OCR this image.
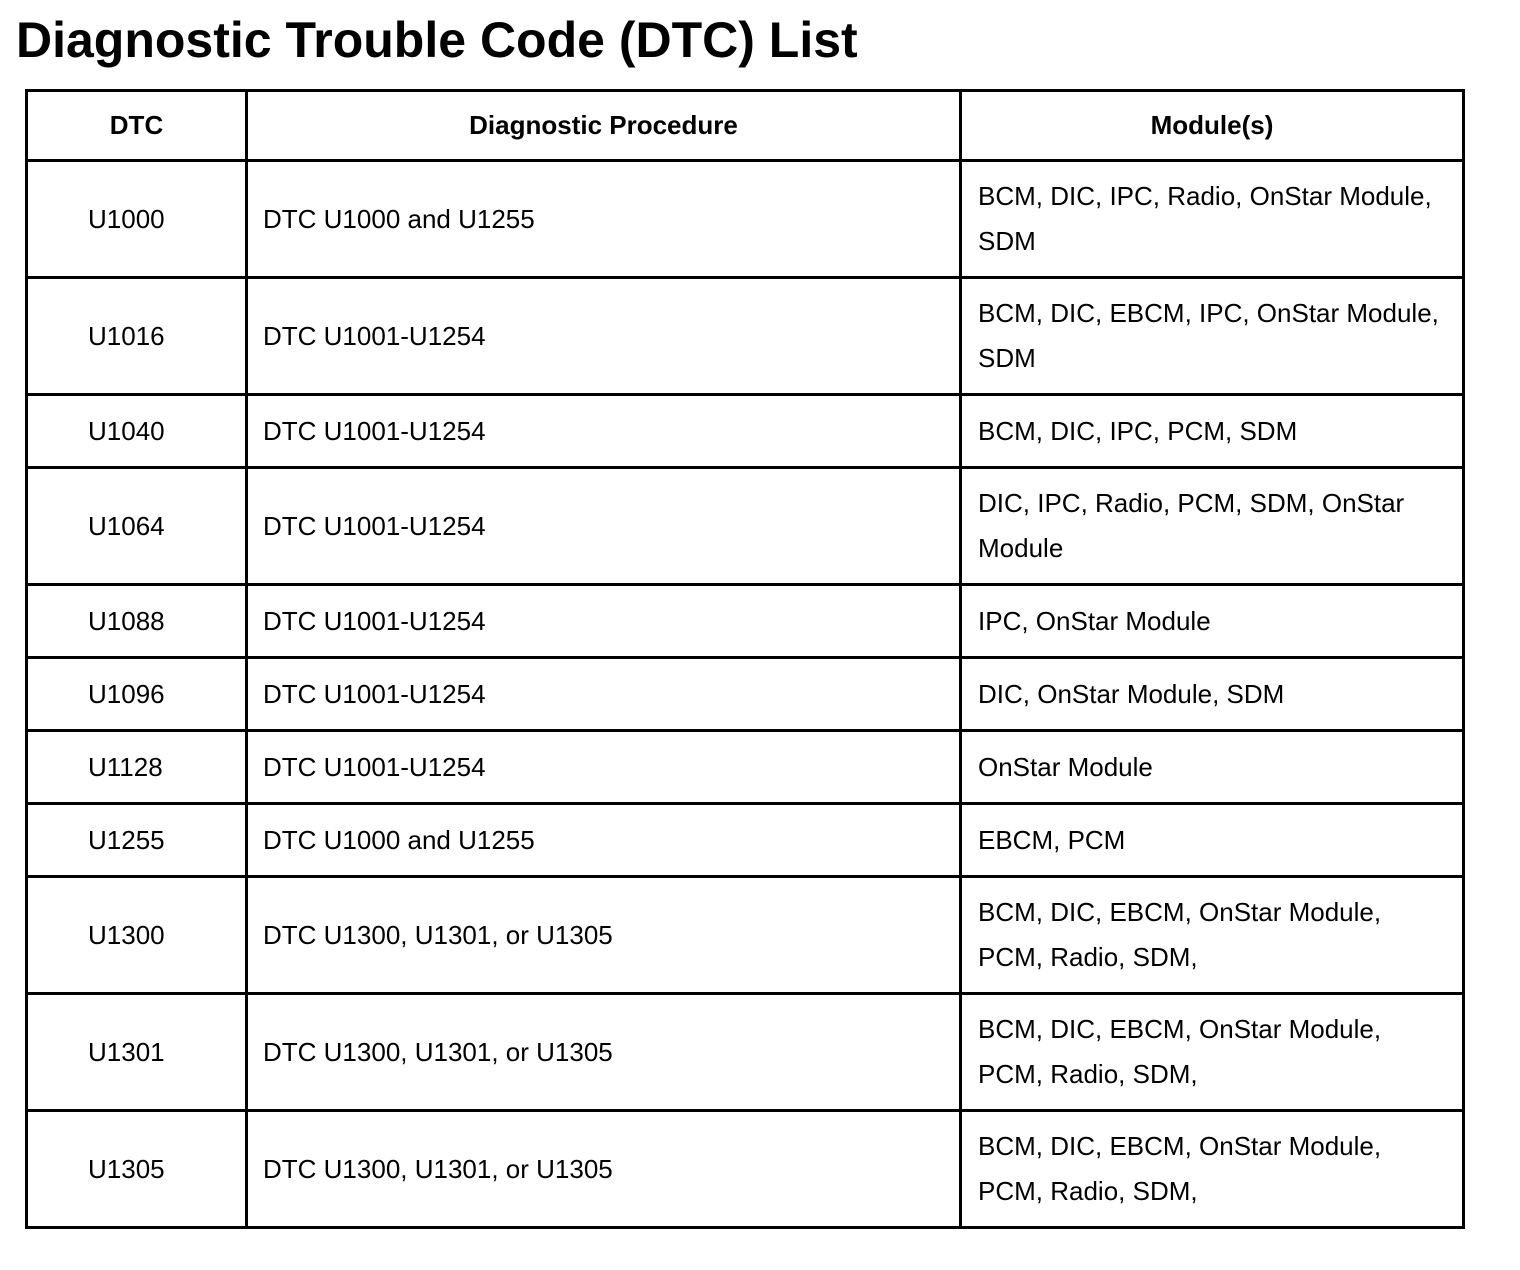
Diagnostic Trouble Code (DTC) List
DTC	Diagnostic Procedure	Module(s)
U1000	DTC U1000 and U1255	BCM, DIC, IPC, Radio, OnStar Module, SDM
U1016	DTC U1001-U1254	BCM, DIC, EBCM, IPC, OnStar Module, SDM
U1040	DTC U1001-U1254	BCM, DIC, IPC, PCM, SDM
U1064	DTC U1001-U1254	DIC, IPC, Radio, PCM, SDM, OnStar Module
U1088	DTC U1001-U1254	IPC, OnStar Module
U1096	DTC U1001-U1254	DIC, OnStar Module, SDM
U1128	DTC U1001-U1254	OnStar Module
U1255	DTC U1000 and U1255	EBCM, PCM
U1300	DTC U1300, U1301, or U1305	BCM, DIC, EBCM, OnStar Module, PCM, Radio, SDM,
U1301	DTC U1300, U1301, or U1305	BCM, DIC, EBCM, OnStar Module, PCM, Radio, SDM,
U1305	DTC U1300, U1301, or U1305	BCM, DIC, EBCM, OnStar Module, PCM, Radio, SDM,
